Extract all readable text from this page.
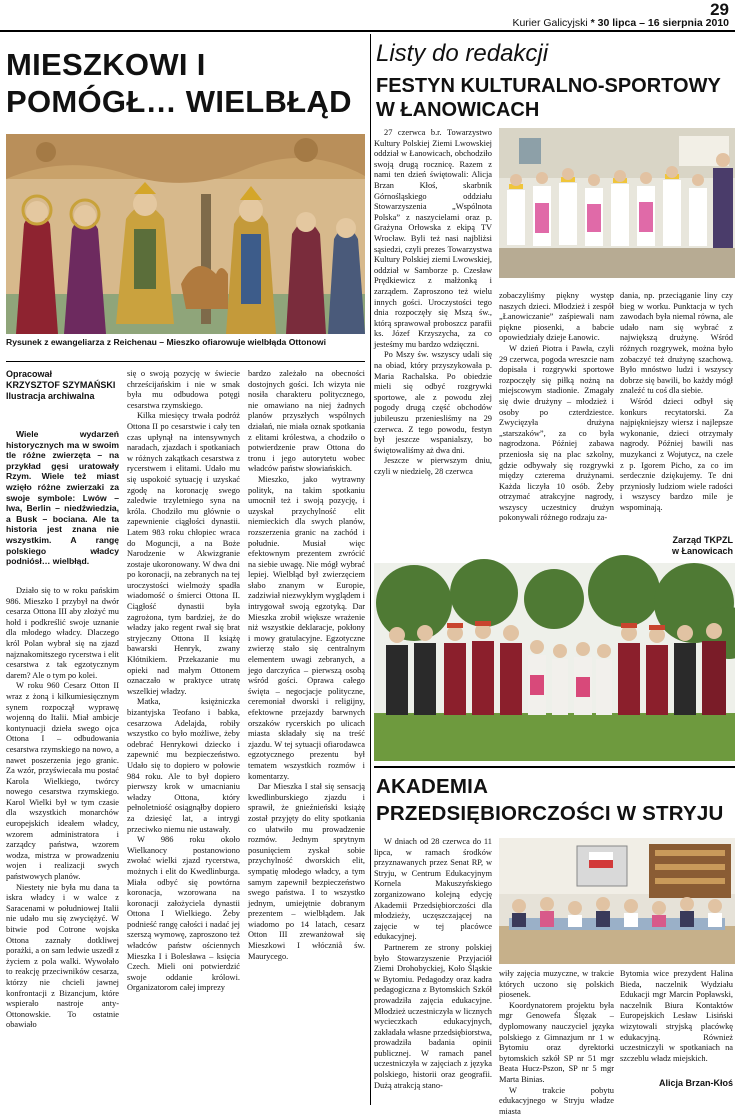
29
Kurier Galicyjski * 30 lipca – 16 sierpnia 2010
MIESZKOWI I
POMÓGŁ… WIELBŁĄD
Rysunek z ewangeliarza z Reichenau – Mieszko ofiarowuje wielbłąda Ottonowi
Opracował
KRZYSZTOF SZYMAŃSKI
Ilustracja archiwalna

Wiele wydarzeń historycznych ma w swoim tle różne zwierzęta – na przykład gęsi uratowały Rzym. Wiele też miast wzięło różne zwierzaki za swoje symbole: Lwów – lwa, Berlin – niedźwiedzia, a Busk – bociana. Ale ta historia jest znana nie wszystkim. A rangę polskiego władcy podniósł… wielbłąd.

Działo się to w roku pańskim 986. Mieszko I przybył na dwór cesarza Ottona III aby złożyć mu hołd i podkreślić swoje uznanie dla młodego władcy. Dlaczego król Polan wybrał się na zjazd najznakomitszego rycerstwa i elit cesarstwa z tak egzotycznym darem? Ale o tym po kolei.

W roku 960 Cesarz Otton II wraz z żoną i kilkumiesięcznym synem rozpoczął wyprawę wojenną do Italii. Miał ambicje kontynuacji dzieła swego ojca Ottona I – odbudowania cesarstwa rzymskiego na nowo, a nawet poszerzenia jego granic. Za wzór, przyświecała mu postać Karola Wielkiego, twórcy nowego cesarstwa rzymskiego. Karol Wielki był w tym czasie dla wszystkich monarchów europejskich ideałem władcy, wzorem administratora i zarządcy państwa, wzorem wodza, mistrza w prowadzeniu wojen i realizacji swych państwowych planów.

Niestety nie była mu dana ta iskra władcy i w walce z Saracenami w południowej Italii nie udało mu się zwyciężyć. W bitwie pod Cotrone wojska Ottona zaznały dotkliwej porażki, a on sam ledwie uszedł z życiem z pola walki. Wywołało to reakcję przeciwników cesarza, którzy nie chcieli jawnej konfrontacji z Bizancjum, które wspierało nastroje anty-Ottonowskie. To ostatnie obawiało

się o swoją pozycję w świecie chrześcijańskim i nie w smak była mu odbudowa potęgi cesarstwa rzymskiego.

Kilka miesięcy trwała podróż Ottona II po cesarstwie i cały ten czas upłynął na intensywnych naradach, zjazdach i spotkaniach w różnych zakątkach cesarstwa z rycerstwem i elitami. Udało mu się uspokoić sytuację i uzyskać zgodę na koronację swego zaledwie trzyletniego syna na króla. Chodziło mu głównie o zapewnienie ciągłości dynastii. Latem 983 roku chłopiec wraca do Moguncji, a na Boże Narodzenie w Akwizgranie zostaje ukoronowany. W dwa dni po koronacji, na zebranych na tej uroczystości wielmoży spadła wiadomość o śmierci Ottona II. Ciągłość dynastii była zagrożona, tym bardziej, że do władzy jako regent rwał się brat stryjeczny Ottona II książę bawarski Henryk, zwany Kłótnikiem. Przekazanie mu opieki nad małym Ottonem oznaczało w praktyce utratę wszelkiej władzy.

Matka, księżniczka bizantyjska Teofano i babka, cesarzowa Adelajda, robiły wszystko co było możliwe, żeby odebrać Henrykowi dziecko i zapewnić mu bezpieczeństwo. Udało się to dopiero w połowie 984 roku. Ale to był dopiero pierwszy krok w umacnianiu władzy Ottona, który pełnoletniość osiągnąłby dopiero za dziesięć lat, a intrygi przeciwko niemu nie ustawały.

W 986 roku około Wielkanocy postanowiono zwołać wielki zjazd rycerstwa, możnych i elit do Kwedlinburga. Miała odbyć się powtórna koronacja, wzorowana na koronacji założyciela dynastii Ottona I Wielkiego. Żeby podnieść rangę całości i nadać jej szerszą wymowę, zaproszono też władców państw ościennych Mieszka I i Bolesława – księcia Czech. Mieli oni potwierdzić swoje oddanie królowi. Organizatorom całej imprezy

bardzo zależało na obecności dostojnych gości. Ich wizyta nie nosiła charakteru politycznego, nie omawiano na niej żadnych planów przyszłych wspólnych działań, nie miała oznak spotkania z elitami królestwa, a chodziło o potwierdzenie praw Ottona do tronu i jego autorytetu wobec władców państw słowiańskich.

Mieszko, jako wytrawny polityk, na takim spotkaniu umocnił też i swoją pozycję, i uzyskał przychylność elit niemieckich dla swych planów, rozszerzenia granic na zachód i południe. Musiał więc efektownym prezentem zwrócić na siebie uwagę. Nie mógł wybrać lepiej. Wielbłąd był zwierzęciem słabo znanym w Europie, zadziwiał niezwykłym wyglądem i intrygował swoją egzotyką. Dar Mieszka zrobił większe wrażenie niż wszystkie deklaracje, pokłony i mowy gratulacyjne. Egzotyczne zwierzę stało się centralnym elementem uwagi zebranych, a jego darczyńca – pierwszą osobą wśród gości. Oprawa całego święta – negocjacje polityczne, ceremoniał dworski i religijny, efektowne przejazdy barwnych orszaków rycerskich po ulicach miasta składały się na treść zjazdu. W tej sytuacji ofiarodawca egzotycznego prezentu był tematem wszystkich rozmów i komentarzy.

Dar Mieszka I stał się sensacją kwedlinburskiego zjazdu i sprawił, że gnieźnieński książę został przyjęty do elity spotkania co ułatwiło mu prowadzenie rozmów. Jednym sprytnym posunięciem zyskał sobie przychylność dworskich elit, sympatię młodego władcy, a tym samym zapewnił bezpieczeństwo swego państwa. I to wszystko jednym, umiejętnie dobranym prezentem – wielbłądem. Jak wiadomo po 14 latach, cesarz Otton III zrewanżował się Mieszkowi I włóczniå św. Maurycego.

Listy do redakcji
FESTYN KULTURALNO-SPORTOWY
W ŁANOWICACH

27 czerwca b.r. Towarzystwo Kultury Polskiej Ziemi Lwowskiej oddział w Łanowicach, obchodziło swoją drugą rocznicę. Razem z nami ten dzień świętowali: Alicja Brzan Kłoś, skarbnik Górnośląskiego oddziału Stowarzyszenia „Wspólnota Polska” z naszycielami oraz p. Grażyna Orłowska z ekipą TV Wrocław. Byli też nasi najbliżsi sąsiedzi, czyli prezes Towarzystwa Kultury Polskiej ziemi Lwowskiej, oddział w Samborze p. Czesław Prędkiewicz z małżonką i zarządem. Zaproszono też wielu innych gości. Uroczystości tego dnia rozpoczęły się Mszą św., którą sprawował proboszcz parafii ks. Józef Krzyszycha, za co jesteśmy mu bardzo wdzięczni.

Po Mszy św. wszyscy udali się na obiad, który przyszykowała p. Maria Rachalska. Po obiedzie mieli się odbyć rozgrywki sportowe, ale z powodu złej pogody drugą część obchodów jubileuszu przeniesliśmy na 29 czerwca. Z tego powodu, festyn był jeszcze wspanialszy, bo świętowaliśmy aż dwa dni.

Jeszcze w pierwszym dniu, czyli w niedzielę, 28 czerwca

zobaczyliśmy piękny występ naszych dzieci. Młodzież i zespół „Łanowiczanie” zaśpiewali nam piękne piosenki, a babcie opowiedziały dzieje Łanowic.

W dzień Piotra i Pawła, czyli 29 czerwca, pogoda wreszcie nam dopisała i rozgrywki sportowe rozpoczęły się piłką nożną na miejscowym stadionie. Zmagały się dwie drużyny – młodzież i osoby po czterdziestce. Zwycięzyła drużyna „starszaków”, za co była nagrodzona. Później zabawa przeniosła się na plac szkolny, gdzie odbywały się rozgrywki między czterema drużynami. Każda liczyła 10 osób. Żeby otrzymać atrakcyjne nagrody, wszyscy uczestnicy drużyn pokonywali różnego rodzaju za-

dania, np. przeciąganie liny czy bieg w worku. Punktacja w tych zawodach była niemal równa, ale udało nam się wybrać z największą drużynę. Wśród różnych rozgrywek, można było zobaczyć też drużynę szachową. Było mnóstwo ludzi i wszyscy dobrze się bawili, bo każdy mógł znaleźć tu coś dla siebie.

Wśród dzieci odbył się konkurs recytatorski. Za najpiękniejszy wiersz i najlepsze wykonanie, dzieci otrzymały nagrody. Później bawili nas muzykanci z Wojutycz, na czele z p. Igorem Picho, za co im serdecznie dziękujemy. Te dni przyniosły ludziom wiele radości i wszyscy bardzo mile je wspominają.

Zarząd TKPZL
w Łanowicach
AKADEMIA
PRZEDSIĘBIORCZOŚCI W STRYJU

W dniach od 28 czerwca do 11 lipca, w ramach środków przyznawanych przez Senat RP, w Stryju, w Centrum Edukacyjnym Kornela Makuszyńskiego zorganizowano kolejną edycję Akademii Przedsiębiorczości dla młodzieży, uczęszczającej na zajęcie w tej placówce edukacyjnej.

Partnerem ze strony polskiej było Stowarzyszenie Przyjaciół Ziemi Drohobyckiej, Koło Śląskie w Bytomiu. Pedagodzy oraz kadra pedagogiczna z Bytomskich Szkół prowadziła zajęcia edukacyjne. Młodzież uczestniczyła w licznych wycieczkach edukacyjnych, zakładała własne przedsiębiorstwa, prowadziła badania opinii publicznej. W ramach panel uczestniczyła w zajęciach z języka polskiego, historii oraz geografii. Dużą atrakcją stano-

wiły zajęcia muzyczne, w trakcie których uczono się polskich piosenek.

Koordynatorem projektu była mgr Genowefa Ślęzak – dyplomowany nauczyciel języka polskiego z Gimnazjum nr 1 w Bytomiu oraz dyrektorki bytomskich szkół SP nr 51 mgr Beata Hucz-Pszon, SP nr 5 mgr Marta Binias.

W trakcie pobytu edukacyjnego w Stryju władze miasta

Bytomia wice prezydent Halina Bieda, naczelnik Wydziału Edukacji mgr Marcin Popławski, naczelnik Biura Kontaktów Europejskich Lesław Lisiński wizytowali stryjską placówkę edukacyjną. Również uczestniczyli w spotkaniach na szczeblu władz miejskich.

Alicja Brzan-Kłoś
